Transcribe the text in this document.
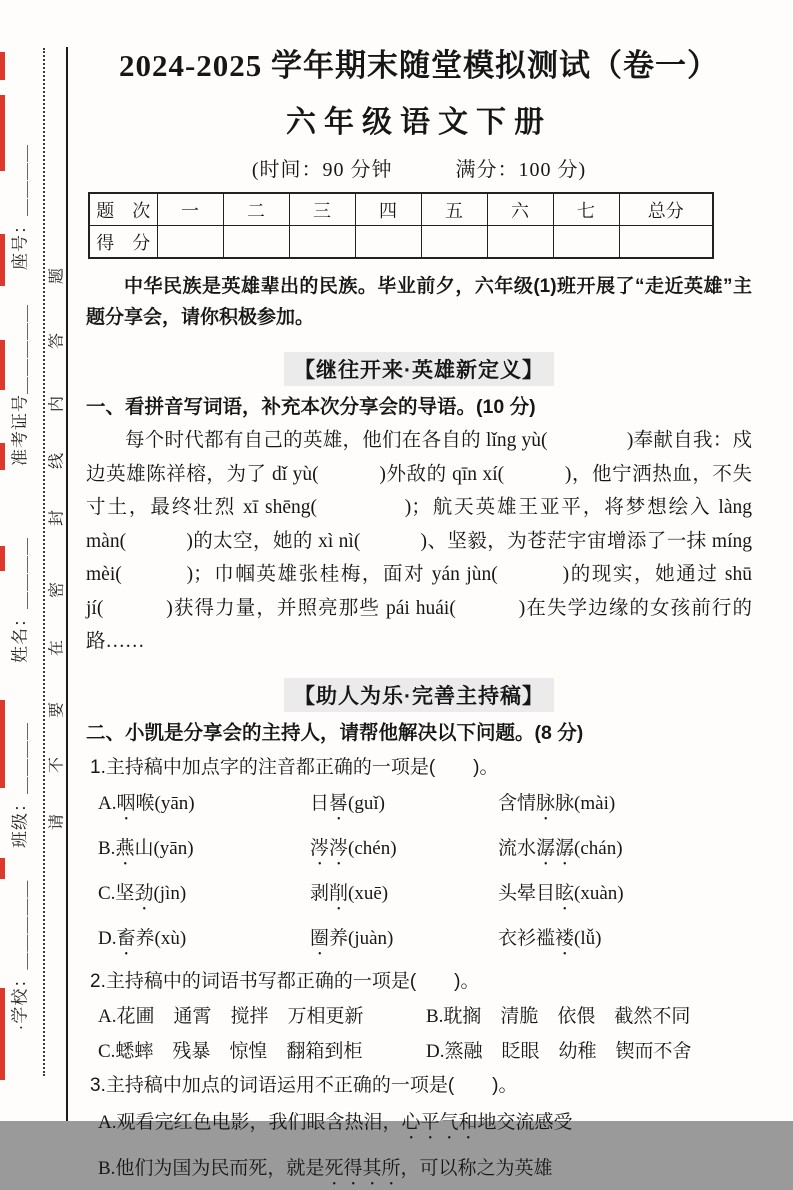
座号：＿＿＿＿
准考证号＿＿＿＿＿
姓名：＿＿＿＿
班级：＿＿＿＿
·学校：＿＿＿＿＿
题
答
内
线
封
密
在
要
不
请
2024-2025 学年期末随堂模拟测试（卷一）
六年级语文下册
(时间：90 分钟　　　满分：100 分)
题　次	一	二	三	四	五	六	七	总分
得　分								

中华民族是英雄辈出的民族。毕业前夕，六年级(1)班开展了“走近英雄”主题分享会，请你积极参加。

【继往开来·英雄新定义】
一、看拼音写词语，补充本次分享会的导语。(10 分)

每个时代都有自己的英雄，他们在各自的 lǐng yù(　　　　)奉献自我：戍边英雄陈祥榕，为了 dǐ yù(　　　)外敌的 qīn xí(　　　)，他宁洒热血，不失寸土，最终壮烈 xī shēng(　　　　)；航天英雄王亚平，将梦想绘入 làng màn(　　　)的太空，她的 xì nì(　　　)、坚毅，为苍茫宇宙增添了一抹 míng mèi(　　　)；巾帼英雄张桂梅，面对 yán jùn(　　　)的现实，她通过 shū jí(　　　)获得力量，并照亮那些 pái huái(　　　)在失学边缘的女孩前行的路……

【助人为乐·完善主持稿】
二、小凯是分享会的主持人，请帮他解决以下问题。(8 分)
1.主持稿中加点字的注音都正确的一项是(　　)。
A.咽喉(yān)	日晷(guǐ)	含情脉脉(mài)
B.燕山(yān)	涔涔(chén)	流水潺潺(chán)
C.坚劲(jìn)	剥削(xuē)	头晕目眩(xuàn)
D.畜养(xù)	圈养(juàn)	衣衫褴褛(lǚ)
2.主持稿中的词语书写都正确的一项是(　　)。
A.花圃　通霄　搅拌　万相更新	B.耽搁　清脆　依偎　截然不同
C.蟋蟀　残暴　惊惶　翻箱到柜	D.篜融　眨眼　幼稚　锲而不舍
3.主持稿中加点的词语运用不正确的一项是(　　)。
A.观看完红色电影，我们眼含热泪，心平气和地交流感受
B.他们为国为民而死，就是死得其所，可以称之为英雄
